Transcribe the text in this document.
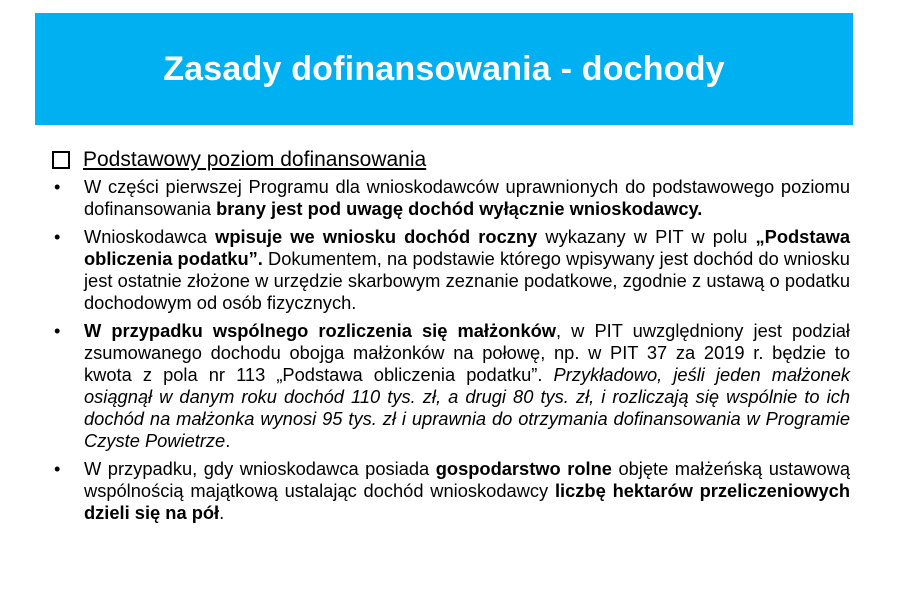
Zasady dofinansowania - dochody
Podstawowy poziom dofinansowania
• W części pierwszej Programu dla wnioskodawców uprawnionych do podstawowego poziomu dofinansowania brany jest pod uwagę dochód wyłącznie wnioskodawcy.
• Wnioskodawca wpisuje we wniosku dochód roczny wykazany w PIT w polu „Podstawa obliczenia podatku”. Dokumentem, na podstawie którego wpisywany jest dochód do wniosku jest ostatnie złożone w urzędzie skarbowym zeznanie podatkowe, zgodnie z ustawą o podatku dochodowym od osób fizycznych.
• W przypadku wspólnego rozliczenia się małżonków, w PIT uwzględniony jest podział zsumowanego dochodu obojga małżonków na połowę, np. w PIT 37 za 2019 r. będzie to kwota z pola nr 113 „Podstawa obliczenia podatku”. Przykładowo, jeśli jeden małżonek osiągnął w danym roku dochód 110 tys. zł, a drugi 80 tys. zł, i rozliczają się wspólnie to ich dochód na małżonka wynosi 95 tys. zł i uprawnia do otrzymania dofinansowania w Programie Czyste Powietrze.
• W przypadku, gdy wnioskodawca posiada gospodarstwo rolne objęte małżeńską ustawową wspólnością majątkową ustalając dochód wnioskodawcy liczbę hektarów przeliczeniowych dzieli się na pół.
